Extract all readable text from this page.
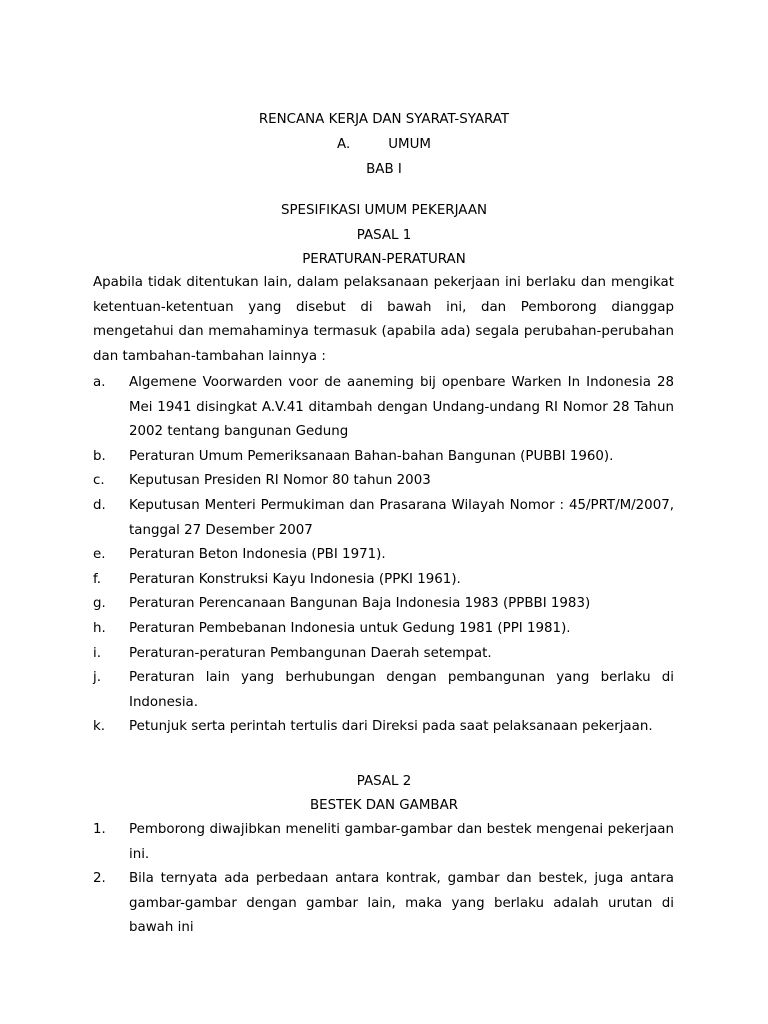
RENCANA KERJA DAN SYARAT-SYARAT
A.	UMUM
BAB I
SPESIFIKASI UMUM PEKERJAAN
PASAL 1
PERATURAN-PERATURAN
Apabila tidak ditentukan lain, dalam pelaksanaan pekerjaan ini berlaku dan mengikat ketentuan-ketentuan yang disebut di bawah ini, dan Pemborong dianggap mengetahui dan memahaminya termasuk (apabila ada) segala perubahan-perubahan dan tambahan-tambahan lainnya :
a. Algemene Voorwarden voor de aaneming bij openbare Warken In Indonesia 28 Mei 1941 disingkat A.V.41 ditambah dengan Undang-undang RI Nomor 28 Tahun 2002 tentang bangunan Gedung
b. Peraturan Umum Pemeriksanaan Bahan-bahan Bangunan (PUBBI 1960).
c. Keputusan Presiden RI Nomor 80 tahun 2003
d. Keputusan Menteri Permukiman dan Prasarana Wilayah Nomor : 45/PRT/M/2007, tanggal 27 Desember 2007
e. Peraturan Beton Indonesia (PBI 1971).
f. Peraturan Konstruksi Kayu Indonesia (PPKI 1961).
g. Peraturan Perencanaan Bangunan Baja Indonesia 1983 (PPBBI 1983)
h. Peraturan Pembebanan Indonesia untuk Gedung 1981 (PPI 1981).
i. Peraturan-peraturan Pembangunan Daerah setempat.
j. Peraturan lain yang berhubungan dengan pembangunan yang berlaku di Indonesia.
k. Petunjuk serta perintah tertulis dari Direksi pada saat pelaksanaan pekerjaan.
PASAL 2
BESTEK DAN GAMBAR
1. Pemborong diwajibkan meneliti gambar-gambar dan bestek mengenai pekerjaan ini.
2. Bila ternyata ada perbedaan antara kontrak, gambar dan bestek, juga antara gambar-gambar dengan gambar lain, maka yang berlaku adalah urutan di bawah ini
